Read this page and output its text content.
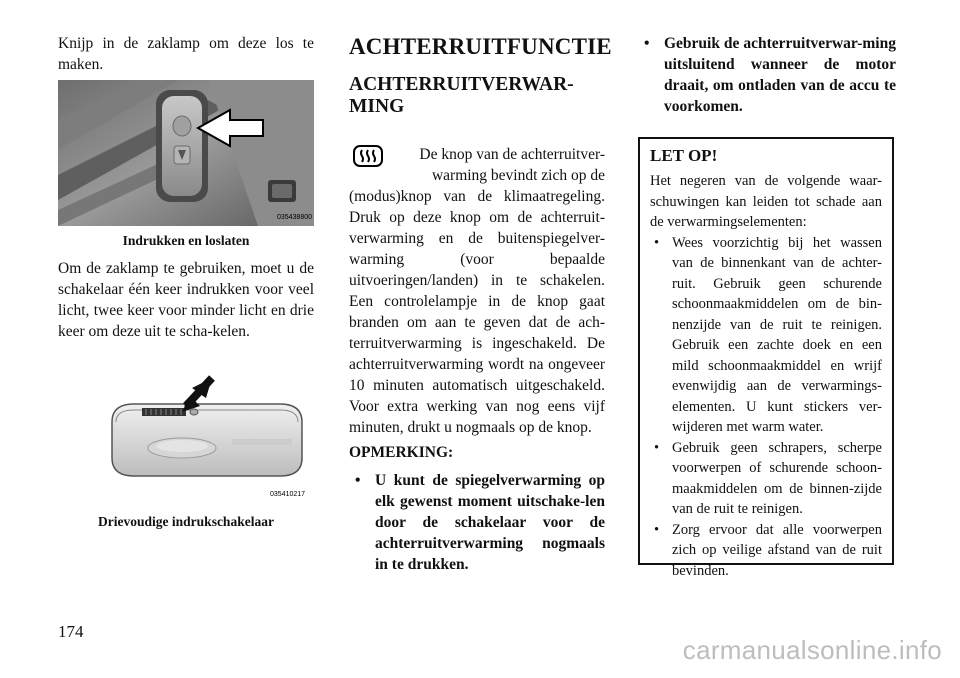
Knijp in de zaklamp om deze los te maken.

035438800

Indrukken en loslaten

Om de zaklamp te gebruiken, moet u de schakelaar één keer indrukken voor veel licht, twee keer voor minder licht en drie keer om deze uit te scha-kelen.

035410217

Drievoudige indrukschakelaar

ACHTERRUITFUNCTIE
ACHTERRUITVERWAR-
MING

De knop van de achterruitver-

warming bevindt zich op de

(modus)knop van de klimaatregeling. Druk op deze knop om de achterruit-verwarming en de buitenspiegelver-warming (voor bepaalde uitvoeringen/landen) in te schakelen. Een controlelampje in de knop gaat branden om aan te geven dat de ach-terruitverwarming is ingeschakeld. De achterruitverwarming wordt na ongeveer 10 minuten automatisch uitgeschakeld. Voor extra werking van nog eens vijf minuten, drukt u nogmaals op de knop.

OPMERKING:

• U kunt de spiegelverwarming op elk gewenst moment uitschake-len door de schakelaar voor de achterruitverwarming nogmaals in te drukken.
• Gebruik de achterruitverwar-ming uitsluitend wanneer de motor draait, om ontladen van de accu te voorkomen.

LET OP!

Het negeren van de volgende waar-schuwingen kan leiden tot schade aan de verwarmingselementen:

• Wees voorzichtig bij het wassen van de binnenkant van de achter-ruit. Gebruik geen schurende schoonmaakmiddelen om de bin-nenzijde van de ruit te reinigen. Gebruik een zachte doek en een mild schoonmaakmiddel en wrijf evenwijdig aan de verwarmings-elementen. U kunt stickers ver-wijderen met warm water.
• Gebruik geen schrapers, scherpe voorwerpen of schurende schoon-maakmiddelen om de binnen-zijde van de ruit te reinigen.
• Zorg ervoor dat alle voorwerpen zich op veilige afstand van de ruit bevinden.
174
carmanualsonline.info
